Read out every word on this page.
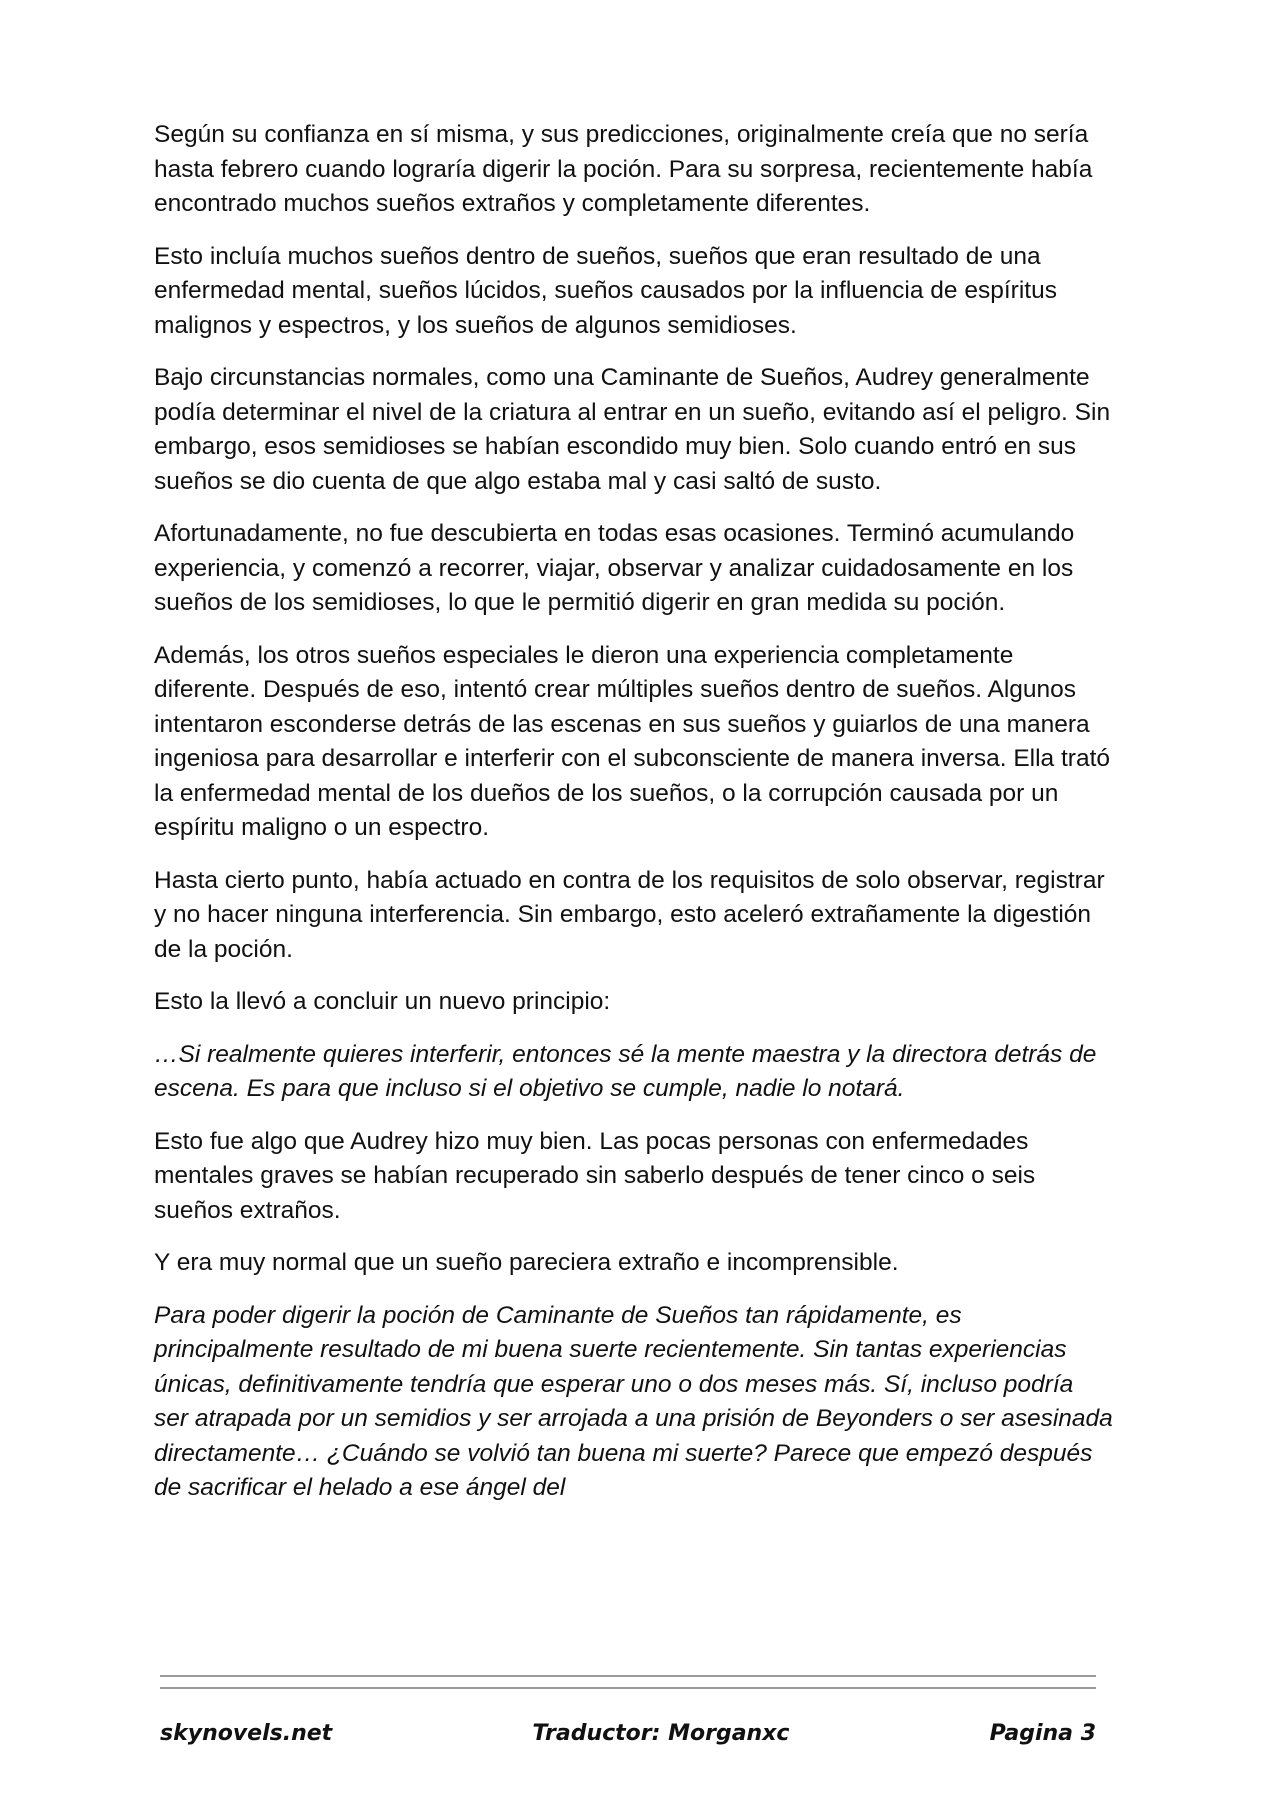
Según su confianza en sí misma, y sus predicciones, originalmente creía que no sería hasta febrero cuando lograría digerir la poción. Para su sorpresa, recientemente había encontrado muchos sueños extraños y completamente diferentes.

Esto incluía muchos sueños dentro de sueños, sueños que eran resultado de una enfermedad mental, sueños lúcidos, sueños causados por la influencia de espíritus malignos y espectros, y los sueños de algunos semidioses.

Bajo circunstancias normales, como una Caminante de Sueños, Audrey generalmente podía determinar el nivel de la criatura al entrar en un sueño, evitando así el peligro. Sin embargo, esos semidioses se habían escondido muy bien. Solo cuando entró en sus sueños se dio cuenta de que algo estaba mal y casi saltó de susto.

Afortunadamente, no fue descubierta en todas esas ocasiones. Terminó acumulando experiencia, y comenzó a recorrer, viajar, observar y analizar cuidadosamente en los sueños de los semidioses, lo que le permitió digerir en gran medida su poción.

Además, los otros sueños especiales le dieron una experiencia completamente diferente. Después de eso, intentó crear múltiples sueños dentro de sueños. Algunos intentaron esconderse detrás de las escenas en sus sueños y guiarlos de una manera ingeniosa para desarrollar e interferir con el subconsciente de manera inversa. Ella trató la enfermedad mental de los dueños de los sueños, o la corrupción causada por un espíritu maligno o un espectro.

Hasta cierto punto, había actuado en contra de los requisitos de solo observar, registrar y no hacer ninguna interferencia. Sin embargo, esto aceleró extrañamente la digestión de la poción.

Esto la llevó a concluir un nuevo principio:

…Si realmente quieres interferir, entonces sé la mente maestra y la directora detrás de escena. Es para que incluso si el objetivo se cumple, nadie lo notará.

Esto fue algo que Audrey hizo muy bien. Las pocas personas con enfermedades mentales graves se habían recuperado sin saberlo después de tener cinco o seis sueños extraños.

Y era muy normal que un sueño pareciera extraño e incomprensible.

Para poder digerir la poción de Caminante de Sueños tan rápidamente, es principalmente resultado de mi buena suerte recientemente. Sin tantas experiencias únicas, definitivamente tendría que esperar uno o dos meses más. Sí, incluso podría ser atrapada por un semidios y ser arrojada a una prisión de Beyonders o ser asesinada directamente… ¿Cuándo se volvió tan buena mi suerte? Parece que empezó después de sacrificar el helado a ese ángel del

skynovels.net	Traductor: Morganxc	Pagina 3
